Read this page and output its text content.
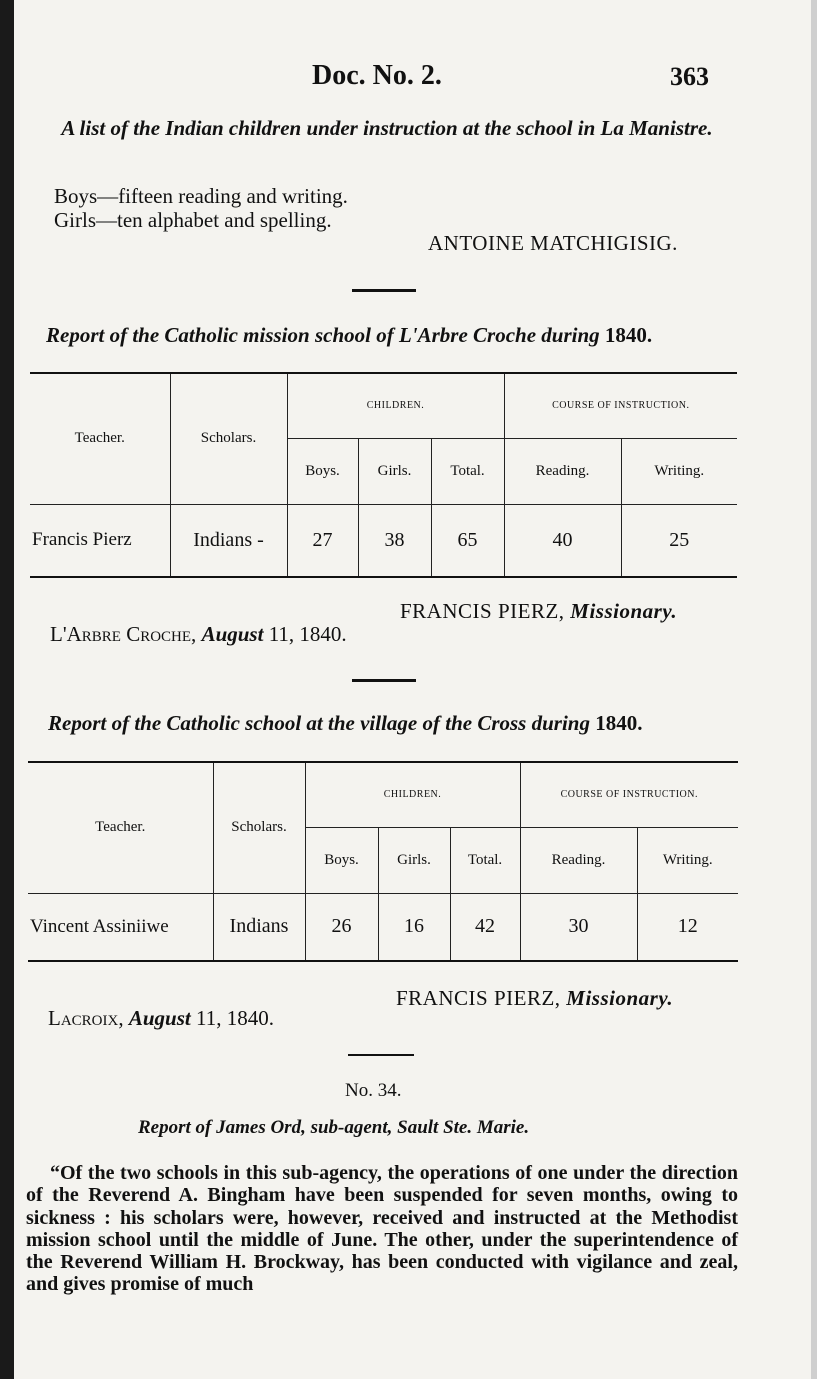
Doc. No. 2.	363
A list of the Indian children under instruction at the school in La Manistre.
Boys—fifteen reading and writing.
Girls—ten alphabet and spelling.
ANTOINE MATCHIGISIG.
Report of the Catholic mission school of L'Arbre Croche during 1840.
Teacher.	Scholars.	CHILDREN.			COURSE OF INSTRUCTION.	
		Boys.	Girls.	Total.	Reading.	Writing.
Francis Pierz	Indians -	27	38	65	40	25
FRANCIS PIERZ, Missionary.
L'Arbre Croche, August 11, 1840.
Report of the Catholic school at the village of the Cross during 1840.
Teacher.	Scholars.	CHILDREN.			COURSE OF INSTRUCTION.	
		Boys.	Girls.	Total.	Reading.	Writing.
Vincent Assiniiwe	Indians	26	16	42	30	12
FRANCIS PIERZ, Missionary.
Lacroix, August 11, 1840.
No. 34.
Report of James Ord, sub-agent, Sault Ste. Marie.
“Of the two schools in this sub-agency, the operations of one under the direction of the Reverend A. Bingham have been suspended for seven months, owing to sickness : his scholars were, however, received and instructed at the Methodist mission school until the middle of June. The other, under the superintendence of the Reverend William H. Brockway, has been conducted with vigilance and zeal, and gives promise of much
